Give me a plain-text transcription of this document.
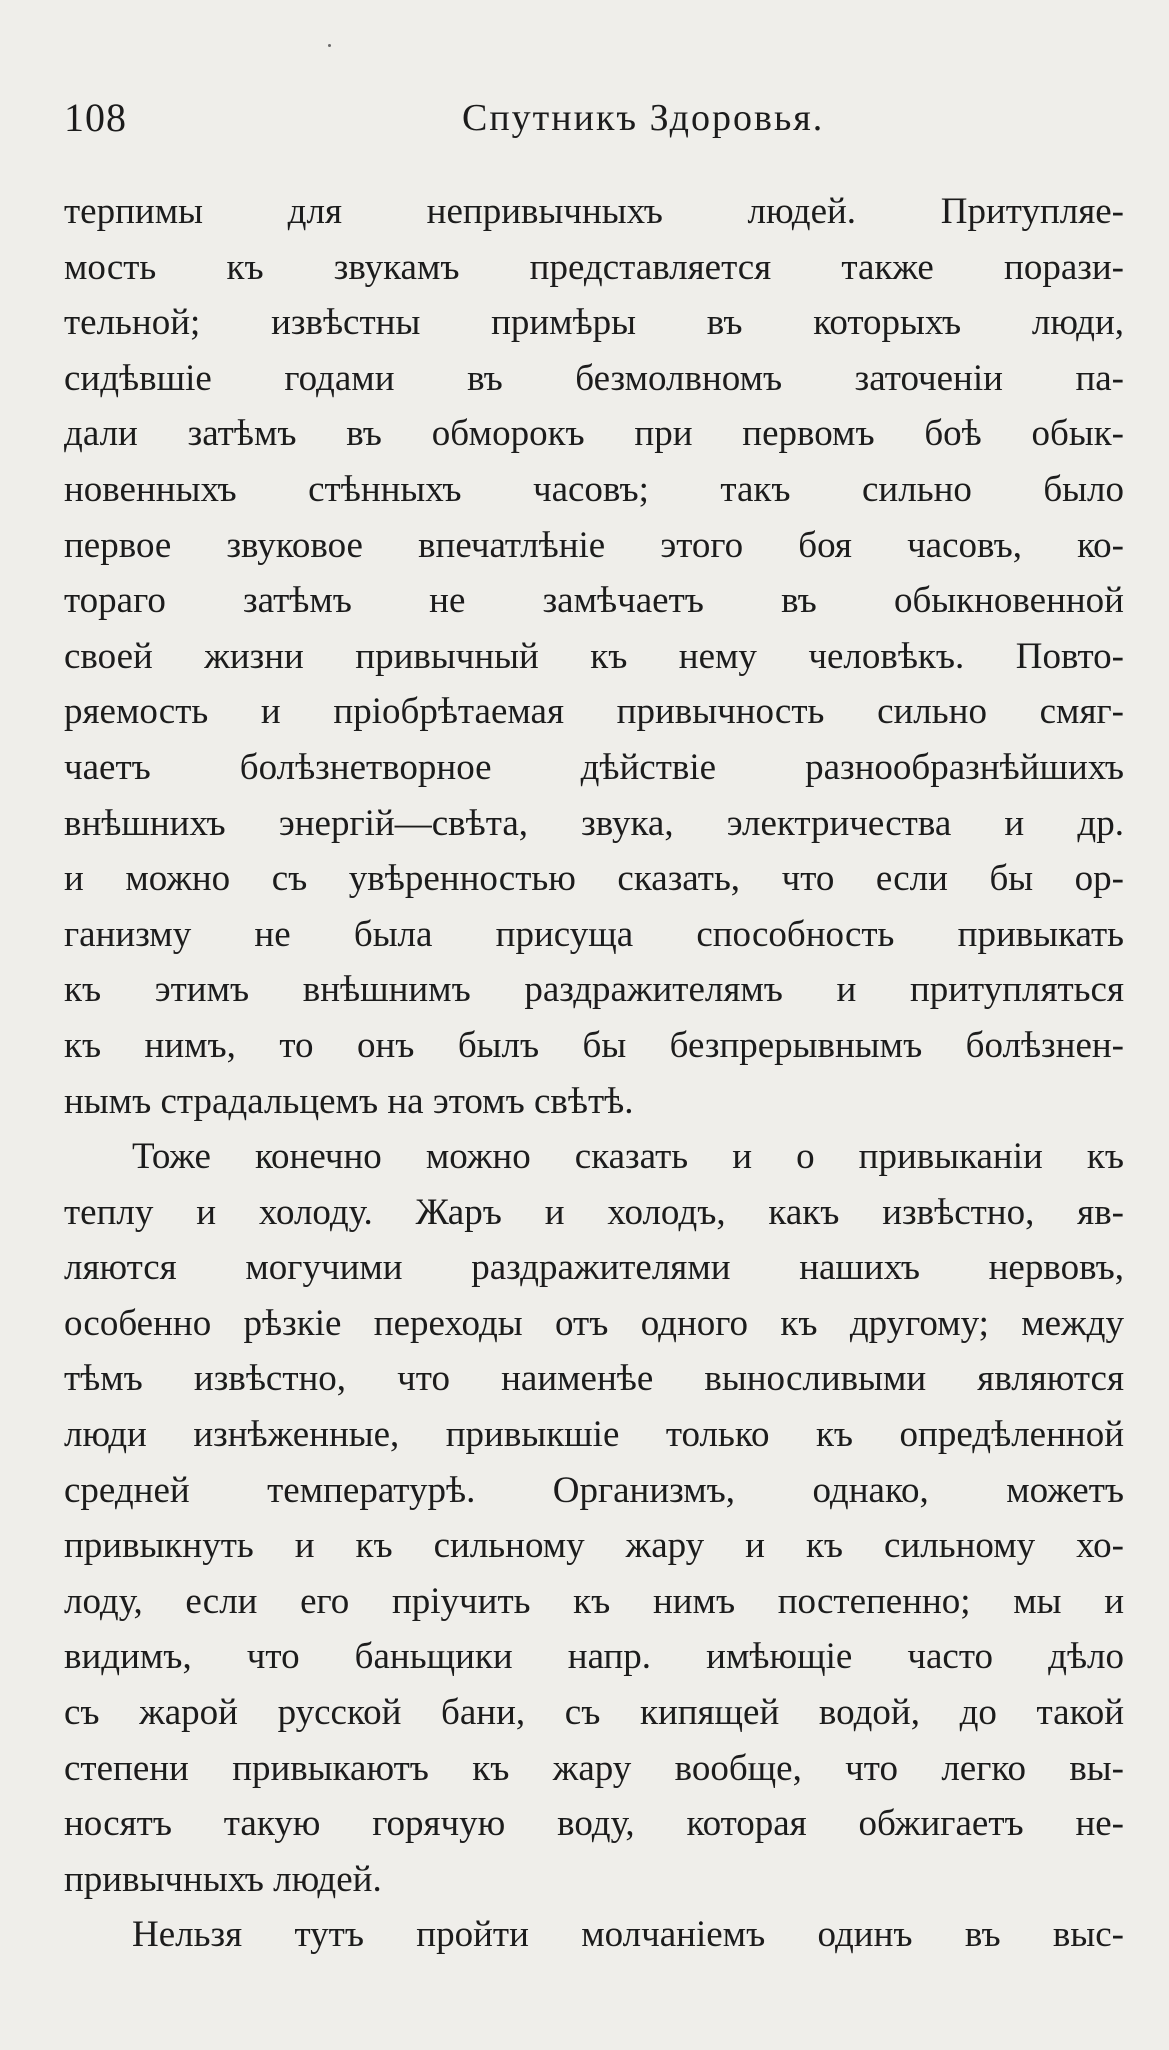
108	Спутникъ Здоровья.
терпимы для непривычныхъ людей. Притупляе-
мость къ звукамъ представляется также порази-
тельной; извѣстны примѣры въ которыхъ люди,
сидѣвшіе годами въ безмолвномъ заточеніи па-
дали затѣмъ въ обморокъ при первомъ боѣ обык-
новенныхъ стѣнныхъ часовъ; такъ сильно было
первое звуковое впечатлѣніе этого боя часовъ, ко-
тораго затѣмъ не замѣчаетъ въ обыкновенной
своей жизни привычный къ нему человѣкъ. Повто-
ряемость и пріобрѣтаемая привычность сильно смяг-
чаетъ болѣзнетворное дѣйствіе разнообразнѣйшихъ
внѣшнихъ энергій—свѣта, звука, электричества и др.
и можно съ увѣренностью сказать, что если бы ор-
ганизму не была присуща способность привыкать
къ этимъ внѣшнимъ раздражителямъ и притупляться
къ нимъ, то онъ былъ бы безпрерывнымъ болѣзнен-
нымъ страдальцемъ на этомъ свѣтѣ.
Тоже конечно можно сказать и о привыканіи къ
теплу и холоду. Жаръ и холодъ, какъ извѣстно, яв-
ляются могучими раздражителями нашихъ нервовъ,
особенно рѣзкіе переходы отъ одного къ другому; между
тѣмъ извѣстно, что наименѣе выносливыми являются
люди изнѣженные, привыкшіе только къ опредѣленной
средней температурѣ. Организмъ, однако, можетъ
привыкнуть и къ сильному жару и къ сильному хо-
лоду, если его пріучить къ нимъ постепенно; мы и
видимъ, что баньщики напр. имѣющіе часто дѣло
съ жарой русской бани, съ кипящей водой, до такой
степени привыкаютъ къ жару вообще, что легко вы-
носятъ такую горячую воду, которая обжигаетъ не-
привычныхъ людей.
Нельзя тутъ пройти молчаніемъ одинъ въ выс-
